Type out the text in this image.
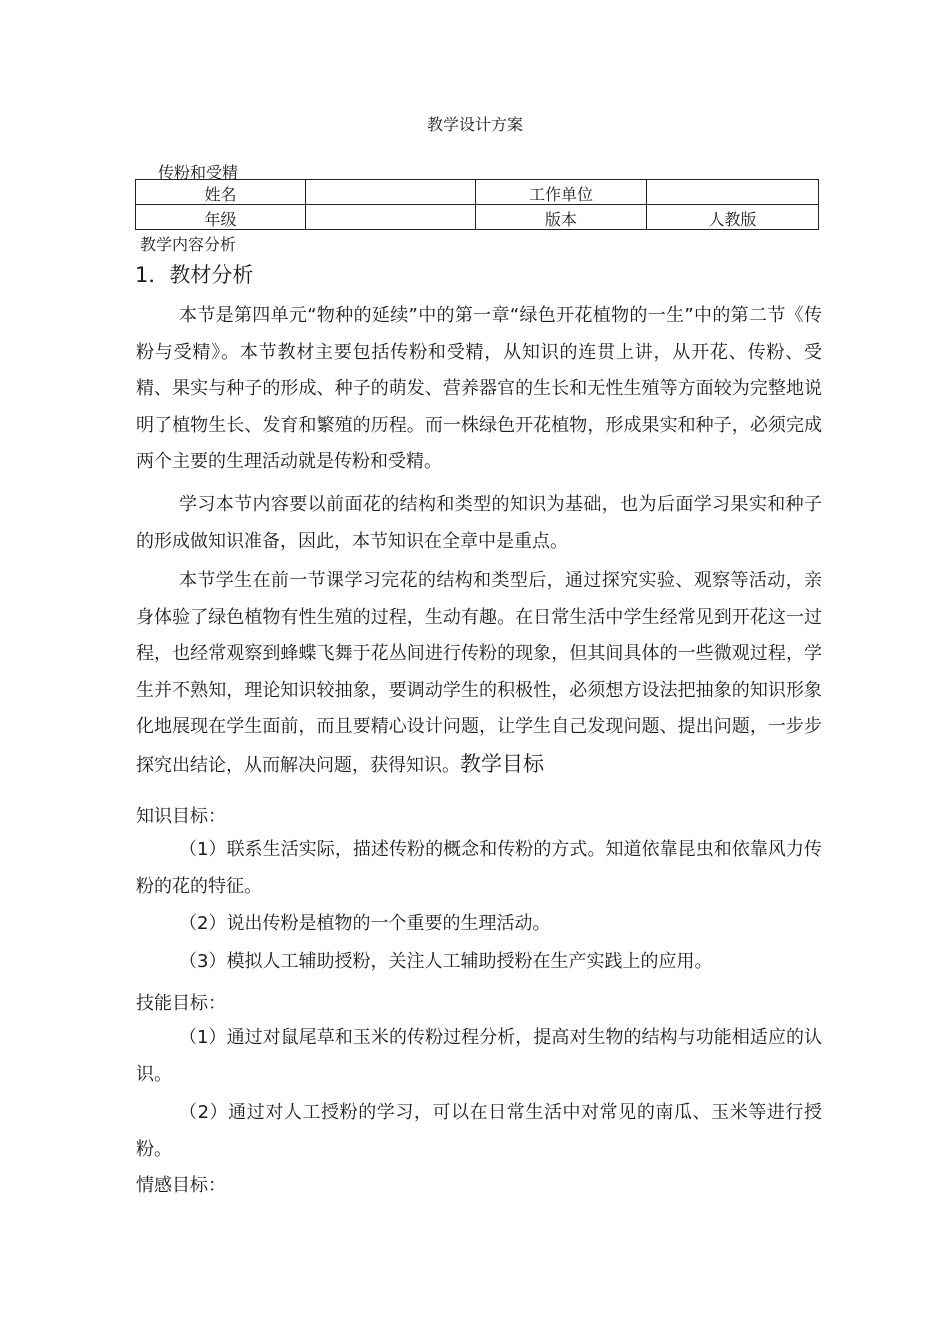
教学设计方案
传粉和受精
姓名		工作单位	
年级		版本	人教版
教学内容分析
1．教材分析

本节是第四单元“物种的延续”中的第一章“绿色开花植物的一生”中的第二节《传粉与受精》。本节教材主要包括传粉和受精，从知识的连贯上讲，从开花、传粉、受精、果实与种子的形成、种子的萌发、营养器官的生长和无性生殖等方面较为完整地说明了植物生长、发育和繁殖的历程。而一株绿色开花植物，形成果实和种子，必须完成两个主要的生理活动就是传粉和受精。

学习本节内容要以前面花的结构和类型的知识为基础，也为后面学习果实和种子的形成做知识准备，因此，本节知识在全章中是重点。

本节学生在前一节课学习完花的结构和类型后，通过探究实验、观察等活动，亲身体验了绿色植物有性生殖的过程，生动有趣。在日常生活中学生经常见到开花这一过程，也经常观察到蜂蝶飞舞于花丛间进行传粉的现象，但其间具体的一些微观过程，学生并不熟知，理论知识较抽象，要调动学生的积极性，必须想方设法把抽象的知识形象化地展现在学生面前，而且要精心设计问题，让学生自己发现问题、提出问题，一步步探究出结论，从而解决问题，获得知识。教学目标

知识目标：

（1）联系生活实际，描述传粉的概念和传粉的方式。知道依靠昆虫和依靠风力传粉的花的特征。

（2）说出传粉是植物的一个重要的生理活动。

（3）模拟人工辅助授粉，关注人工辅助授粉在生产实践上的应用。

技能目标：

（1）通过对鼠尾草和玉米的传粉过程分析，提高对生物的结构与功能相适应的认识。

（2）通过对人工授粉的学习，可以在日常生活中对常见的南瓜、玉米等进行授粉。

情感目标：
